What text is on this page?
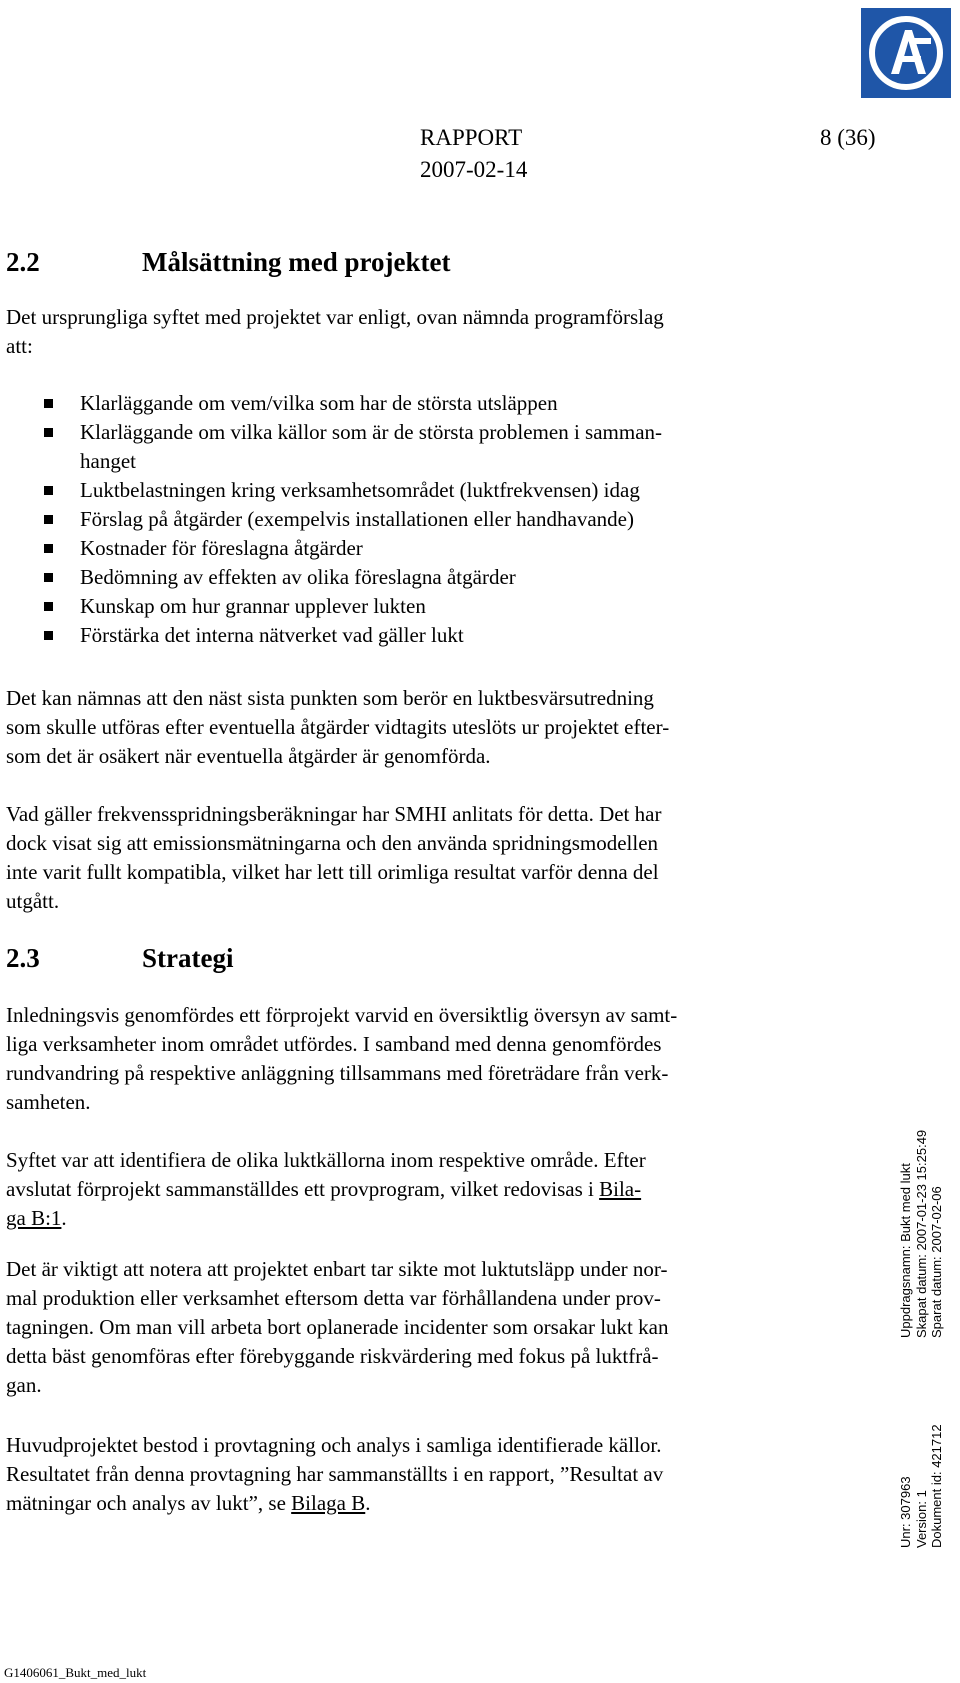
RAPPORT	8 (36)
2007-02-14
2.2	Målsättning med projektet
Det ursprungliga syftet med projektet var enligt, ovan nämnda programförslag
att:
Klarläggande om vem/vilka som har de största utsläppen
Klarläggande om vilka källor som är de största problemen i samman-
hanget
Luktbelastningen kring verksamhetsområdet (luktfrekvensen) idag
Förslag på åtgärder (exempelvis installationen eller handhavande)
Kostnader för föreslagna åtgärder
Bedömning av effekten av olika föreslagna åtgärder
Kunskap om hur grannar upplever lukten
Förstärka det interna nätverket vad gäller lukt
Det kan nämnas att den näst sista punkten som berör en luktbesvärsutredning
som skulle utföras efter eventuella åtgärder vidtagits uteslöts ur projektet efter-
som det är osäkert när eventuella åtgärder är genomförda.
Vad gäller frekvensspridningsberäkningar har SMHI anlitats för detta. Det har
dock visat sig att emissionsmätningarna och den använda spridningsmodellen
inte varit fullt kompatibla, vilket har lett till orimliga resultat varför denna del
utgått.
2.3	Strategi
Inledningsvis genomfördes ett förprojekt varvid en översiktlig översyn av samt-
liga verksamheter inom området utfördes. I samband med denna genomfördes
rundvandring på respektive anläggning tillsammans med företrädare från verk-
samheten.
Syftet var att identifiera de olika luktkällorna inom respektive område. Efter
avslutat förprojekt sammanställdes ett provprogram, vilket redovisas i Bila-
ga B:1.
Det är viktigt att notera att projektet enbart tar sikte mot luktutsläpp under nor-
mal produktion eller verksamhet eftersom detta var förhållandena under prov-
tagningen. Om man vill arbeta bort oplanerade incidenter som orsakar lukt kan
detta bäst genomföras efter förebyggande riskvärdering med fokus på luktfrå-
gan.
Huvudprojektet bestod i provtagning och analys i samliga identifierade källor.
Resultatet från denna provtagning har sammanställts i en rapport, ”Resultat av
mätningar och analys av lukt”, se Bilaga B.
Uppdragsnamn: Bukt med lukt Skapat datum: 2007-01-23 15:25:49 Sparat datum: 2007-02-06
Unr: 307963 Version: 1 Dokument id: 421712
G1406061_Bukt_med_lukt
